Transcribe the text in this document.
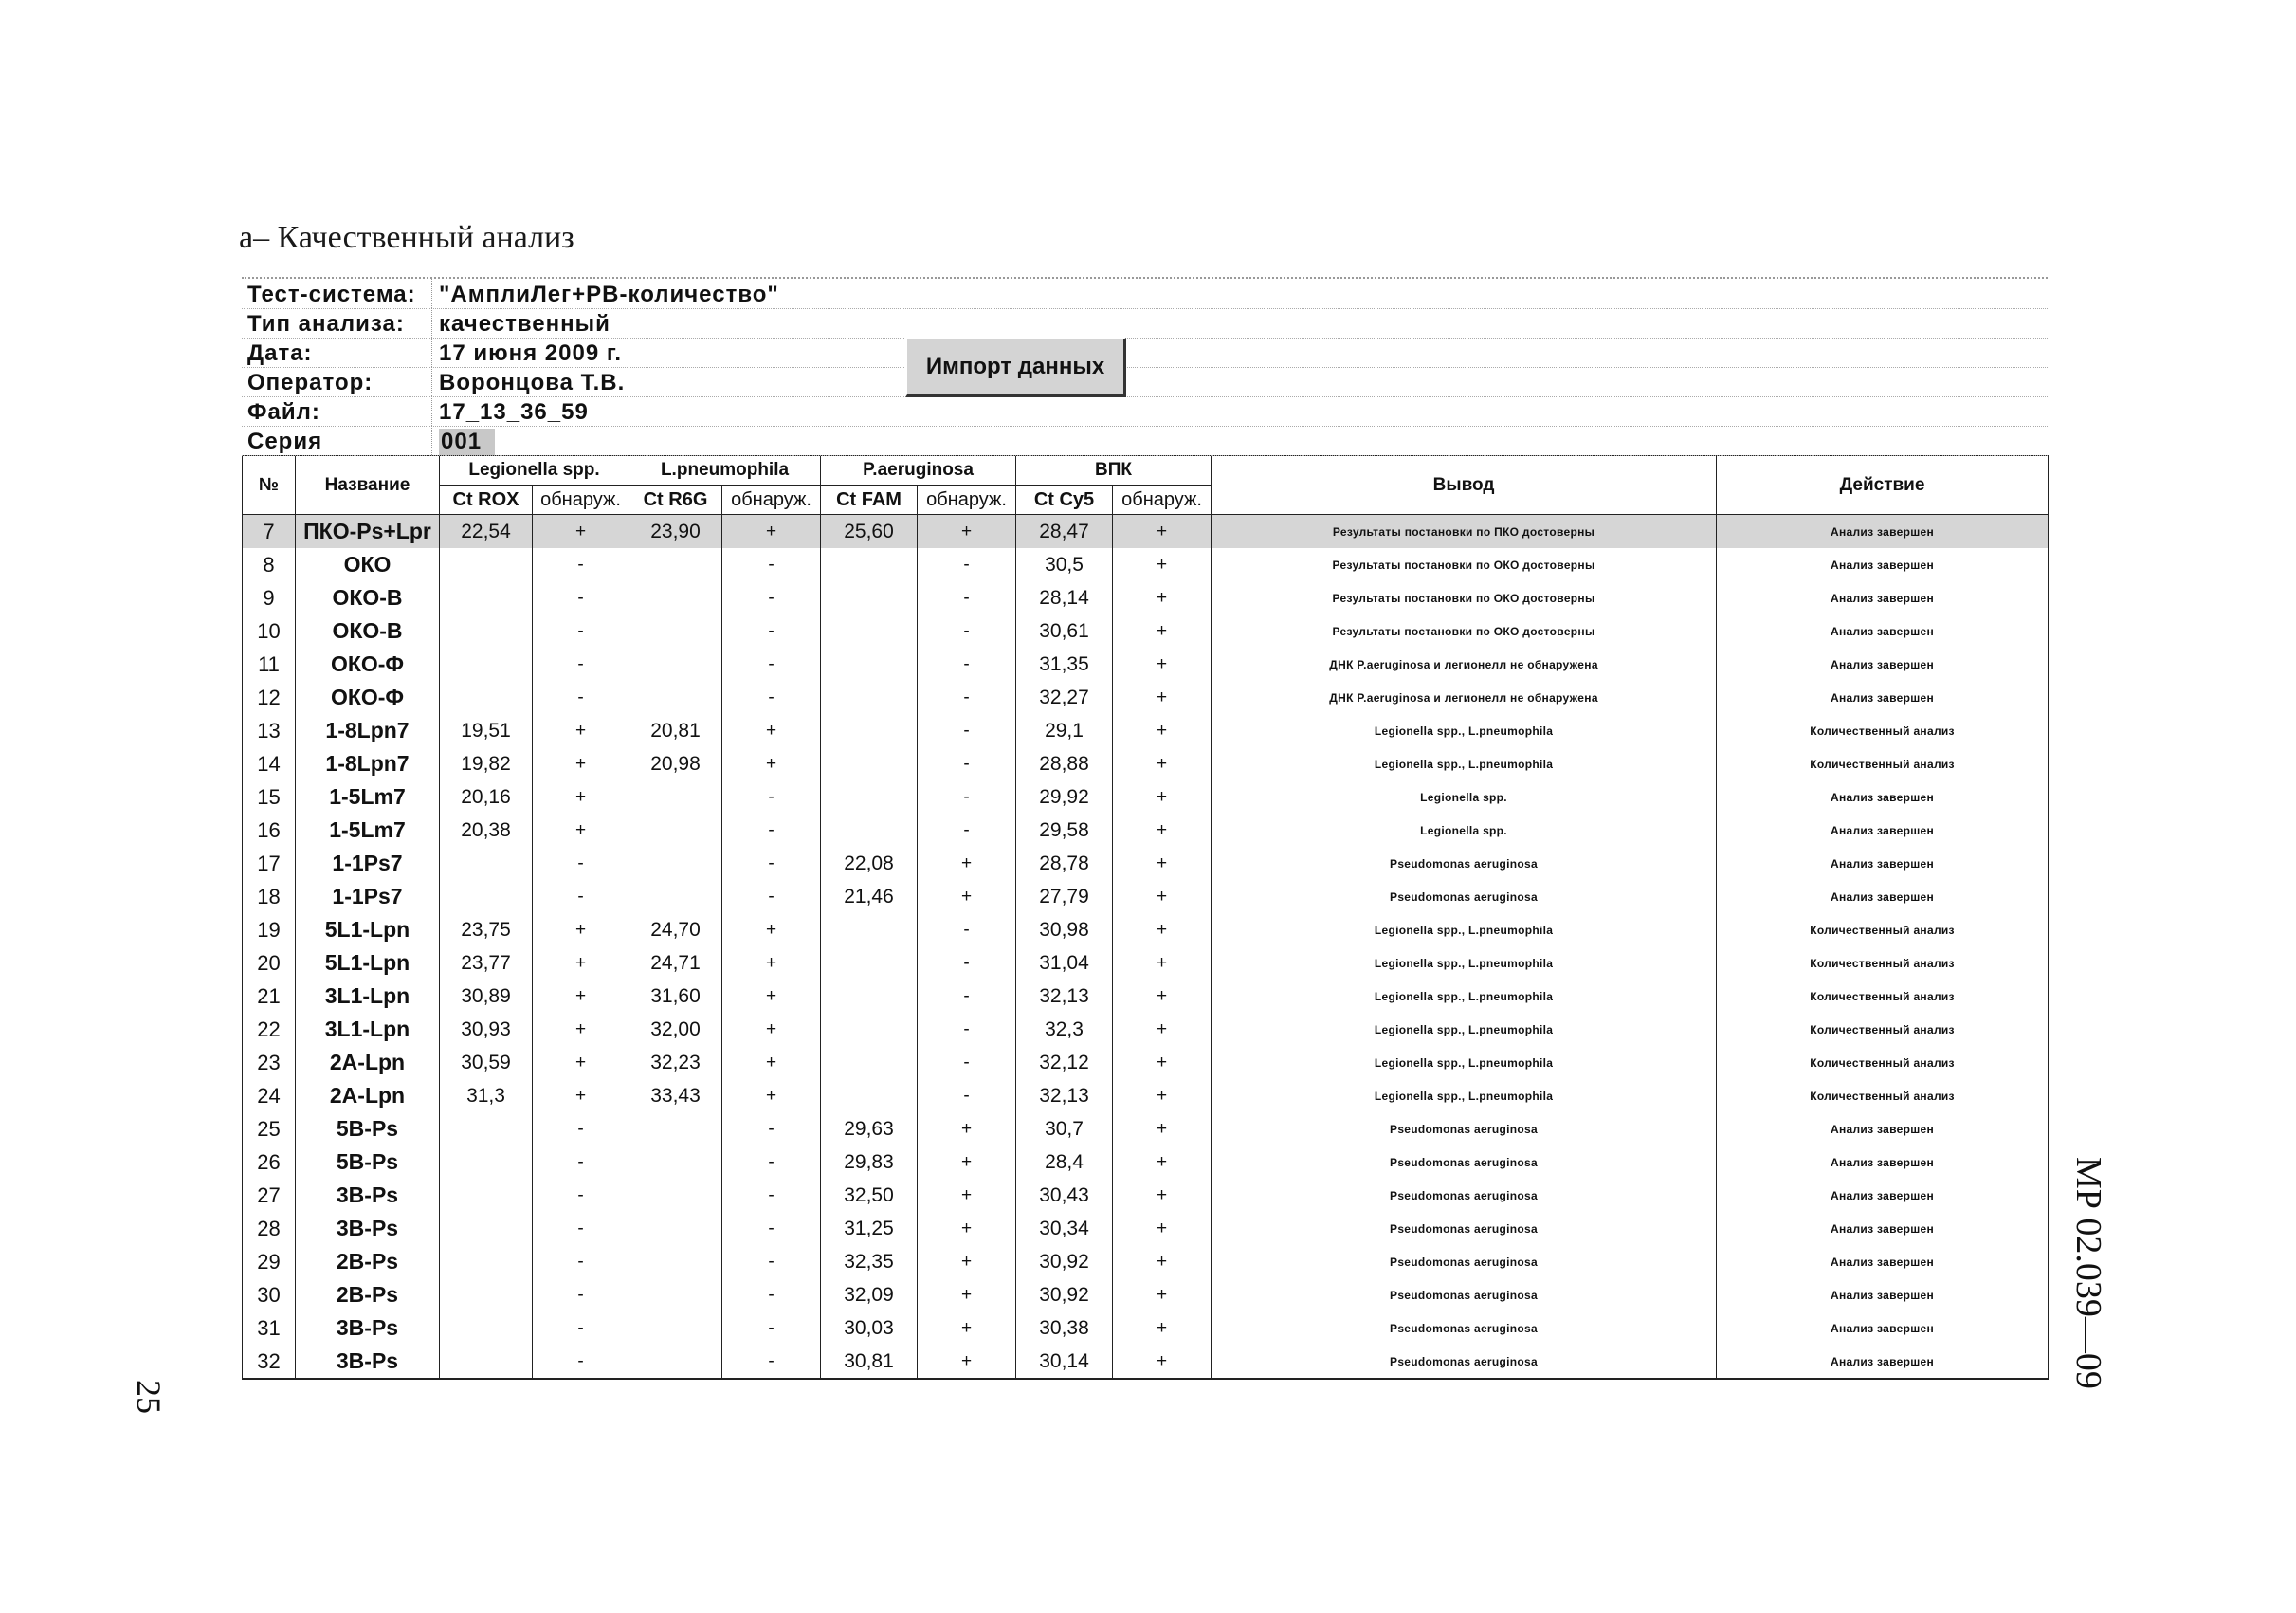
а– Качественный анализ
Тест-система: "АмплиЛег+PB-количество"
Тип анализа: качественный
Дата:	17 июня 2009 г.
Оператор:	Воронцова Т.В.
Файл:	17_13_36_59
Серия	001
Импорт данных
№	Название	Legionella spp.		L.pneumophila		P.aeruginosa		ВПК		Вывод	Действие
		Ct ROX	обнаруж.	Ct R6G	обнаруж.	Ct FAM	обнаруж.	Ct Cy5	обнаруж.		
7	ПКО-Ps+Lpr	22,54	+	23,90	+	25,60	+	28,47	+	Результаты постановки по ПКО достоверны	Анализ завершен
8	ОКО		-		-		-	30,5	+	Результаты постановки по ОКО достоверны	Анализ завершен
9	ОКО-В		-		-		-	28,14	+	Результаты постановки по ОКО достоверны	Анализ завершен
10	ОКО-В		-		-		-	30,61	+	Результаты постановки по ОКО достоверны	Анализ завершен
11	ОКО-Ф		-		-		-	31,35	+	ДНК P.aeruginosa и легионелл не обнаружена	Анализ завершен
12	ОКО-Ф		-		-		-	32,27	+	ДНК P.aeruginosa и легионелл не обнаружена	Анализ завершен
13	1-8Lpn7	19,51	+	20,81	+		-	29,1	+	Legionella spp., L.pneumophila	Количественный анализ
14	1-8Lpn7	19,82	+	20,98	+		-	28,88	+	Legionella spp., L.pneumophila	Количественный анализ
15	1-5Lm7	20,16	+		-		-	29,92	+	Legionella spp.	Анализ завершен
16	1-5Lm7	20,38	+		-		-	29,58	+	Legionella spp.	Анализ завершен
17	1-1Ps7		-		-	22,08	+	28,78	+	Pseudomonas aeruginosa	Анализ завершен
18	1-1Ps7		-		-	21,46	+	27,79	+	Pseudomonas aeruginosa	Анализ завершен
19	5L1-Lpn	23,75	+	24,70	+		-	30,98	+	Legionella spp., L.pneumophila	Количественный анализ
20	5L1-Lpn	23,77	+	24,71	+		-	31,04	+	Legionella spp., L.pneumophila	Количественный анализ
21	3L1-Lpn	30,89	+	31,60	+		-	32,13	+	Legionella spp., L.pneumophila	Количественный анализ
22	3L1-Lpn	30,93	+	32,00	+		-	32,3	+	Legionella spp., L.pneumophila	Количественный анализ
23	2A-Lpn	30,59	+	32,23	+		-	32,12	+	Legionella spp., L.pneumophila	Количественный анализ
24	2A-Lpn	31,3	+	33,43	+		-	32,13	+	Legionella spp., L.pneumophila	Количественный анализ
25	5B-Ps		-		-	29,63	+	30,7	+	Pseudomonas aeruginosa	Анализ завершен
26	5B-Ps		-		-	29,83	+	28,4	+	Pseudomonas aeruginosa	Анализ завершен
27	3B-Ps		-		-	32,50	+	30,43	+	Pseudomonas aeruginosa	Анализ завершен
28	3B-Ps		-		-	31,25	+	30,34	+	Pseudomonas aeruginosa	Анализ завершен
29	2B-Ps		-		-	32,35	+	30,92	+	Pseudomonas aeruginosa	Анализ завершен
30	2B-Ps		-		-	32,09	+	30,92	+	Pseudomonas aeruginosa	Анализ завершен
31	3B-Ps		-		-	30,03	+	30,38	+	Pseudomonas aeruginosa	Анализ завершен
32	3B-Ps		-		-	30,81	+	30,14	+	Pseudomonas aeruginosa	Анализ завершен	МР 02.039—09
25
